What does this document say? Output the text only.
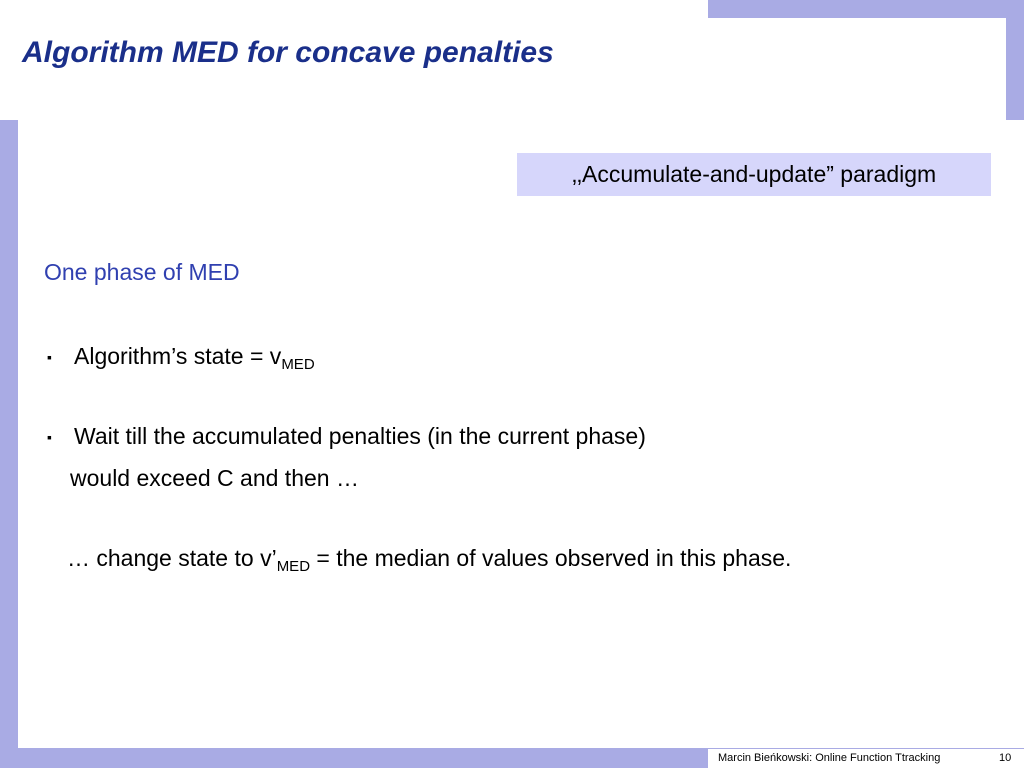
Algorithm MED for concave penalties
‚‚Accumulate-and-update” paradigm
One phase of MED
▪ Algorithm’s state = $v_{MED}$
▪ Wait till the accumulated penalties (in the current phase)
would exceed C and then …
… change state to $v’_{MED}$ = the median of values observed in this phase.
Marcin Bieńkowski: Online Function Ttracking	10
